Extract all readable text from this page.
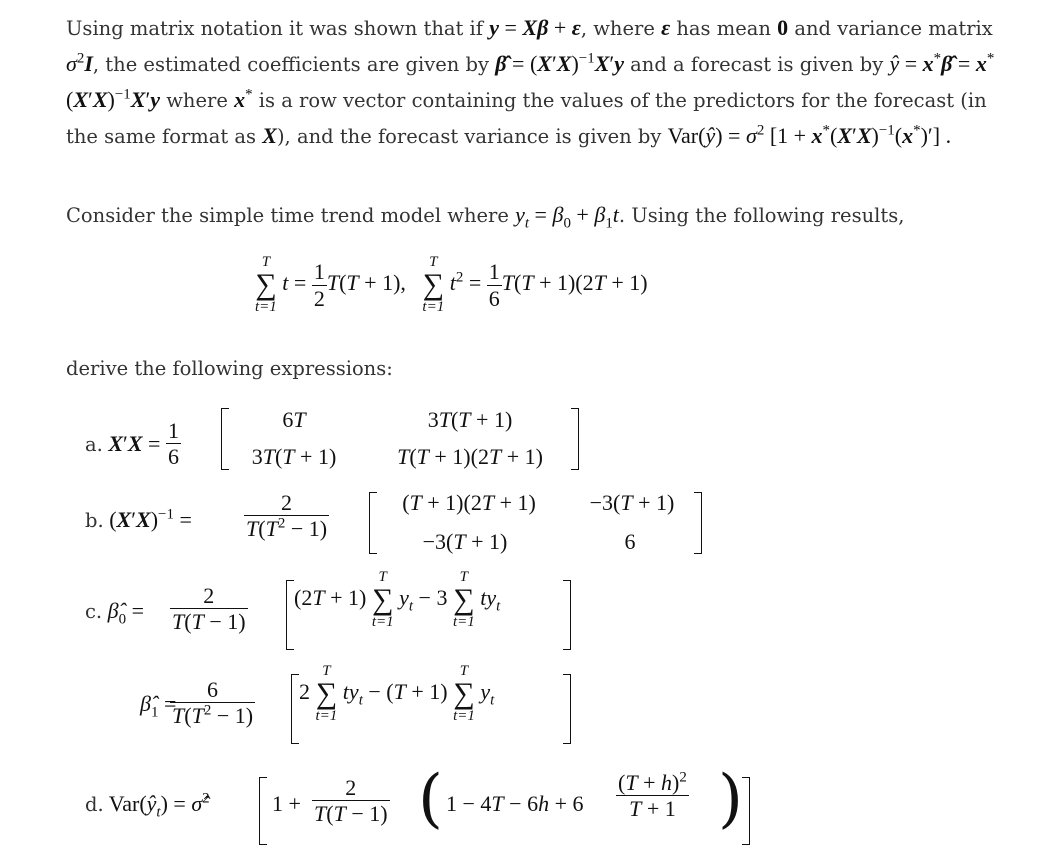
Using matrix notation it was shown that if y = Xβ + ε, where ε has mean 0 and variance matrix $\sigma^2I$, the estimated coefficients are given by β̂ = $(X'X)^{-1}X'y$ and a forecast is given by ŷ = x*β̂ = $x^*(X'X)^{-1}X'y$ where x* is a row vector containing the values of the predictors for the forecast (in the same format as X), and the forecast variance is given by Var(ŷ) = $\sigma^2$ $[1 + x^*(X'X)^{-1}(x^*)']$ .
Consider the simple time trend model where $y_t = \beta_0 + \beta_1t$. Using the following results,
T
∑
t=1
$t = \frac{1}{2} T(T + 1)$,
T
∑
t=1
$t^2 = \frac{1}{6} T(T + 1)(2T + 1)$
derive the following expressions:
a. $X'X = \frac{1}{6}$	6T	3T(T + 1)
3T(T + 1)	T(T + 1)(2T + 1)
b. $(X'X)^{-1} = \frac{2}{T(T^2 - 1)}$	(T + 1)(2T + 1)	−3(T + 1)
−3(T + 1)	6
c. $\betâ_0 = \frac{2}{T(T - 1)} (2T + 1)$
T
∑
t=1
$y_t - 3$
T
∑
t=1
$ty_t$
$\betâ_1$ =
$\frac{6}{T(T^2 - 1)} 2$
T
∑
t=1
$ty_t - (T + 1)$
T
∑
t=1
$y_t$
d. $Var(ŷ_t)$ = σ̂$^2$	$1 + \frac{2}{T(T - 1)}$ ( $1 - 4T - 6h + 6 \frac{(T + h)^2}{T + 1}$ )
